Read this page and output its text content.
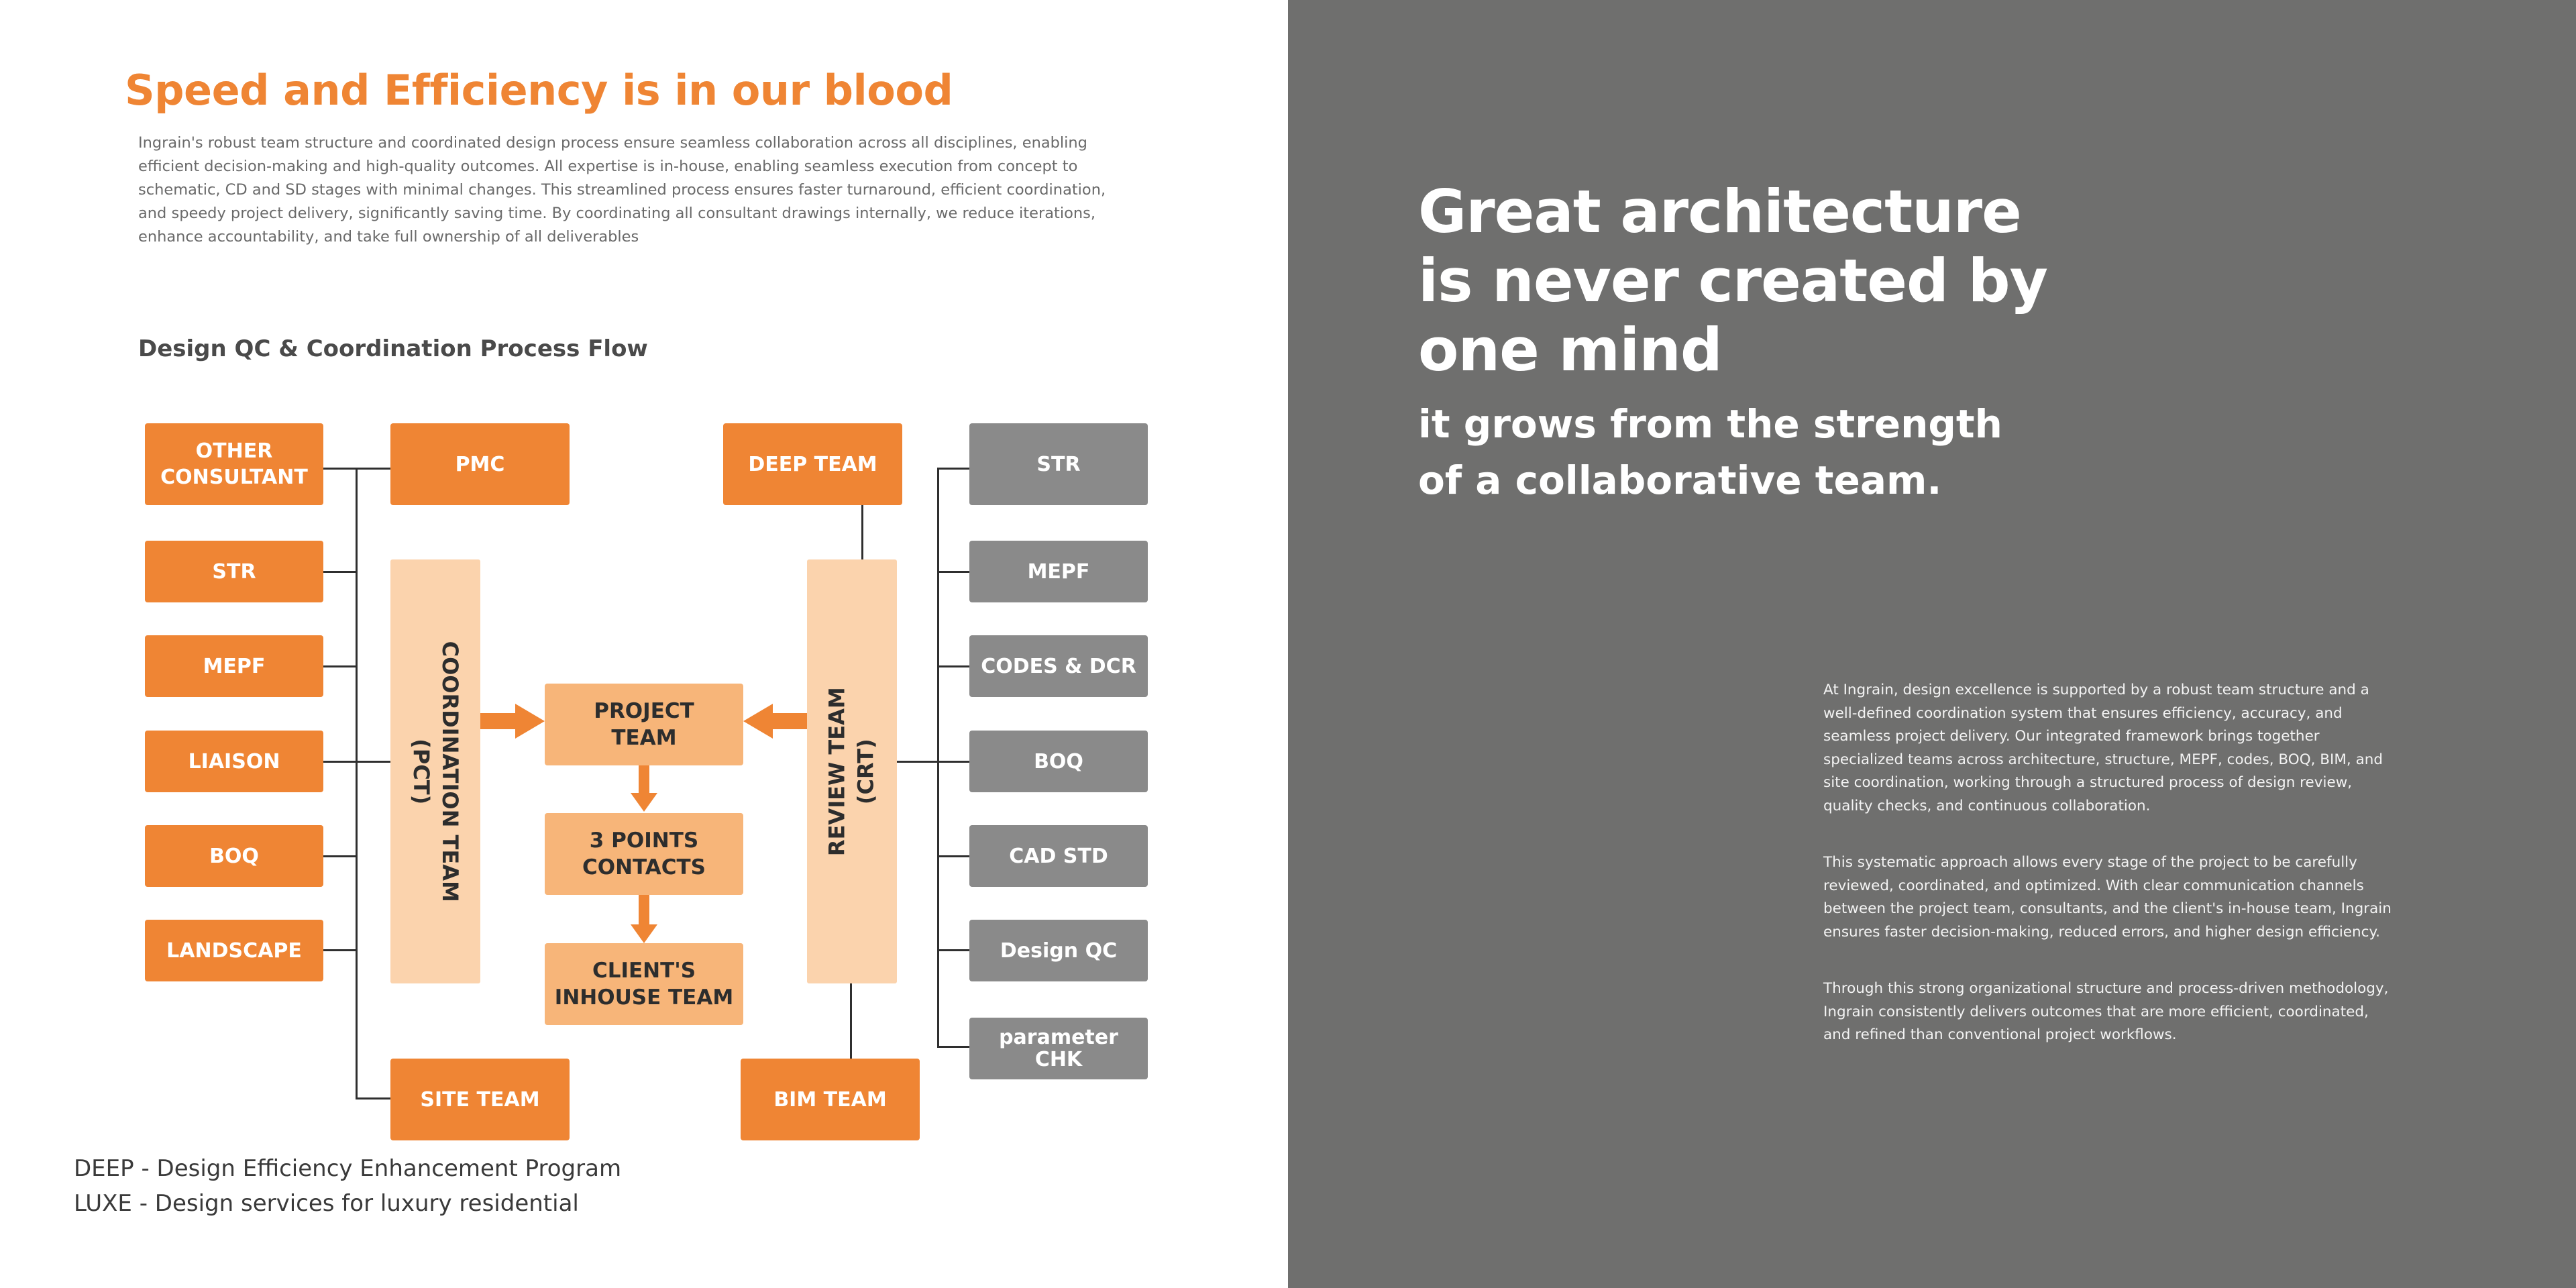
Speed and Efficiency is in our blood

Ingrain's robust team structure and coordinated design process ensure seamless collaboration across all disciplines, enabling efficient decision-making and high-quality outcomes. All expertise is in-house, enabling seamless execution from concept to schematic, CD and SD stages with minimal changes. This streamlined process ensures faster turnaround, efficient coordination, and speedy project delivery, significantly saving time. By coordinating all consultant drawings internally, we reduce iterations, enhance accountability, and take full ownership of all deliverables

Design QC & Coordination Process Flow
OTHER CONSULTANT
STR
MEPF
LIAISON
BOQ
LANDSCAPE
PMC
SITE TEAM
COORDINATION TEAM
(PCT)
PROJECT TEAM
3 POINTS CONTACTS
CLIENT'S INHOUSE TEAM
REVIEW TEAM (CRT)
DEEP TEAM
BIM TEAM
STR
MEPF
CODES & DCR
BOQ
CAD STD
Design QC
parameter CHK
DEEP - Design Efficiency Enhancement Program
LUXE - Design services for luxury residential
Great architecture
is never created by
one mind
it grows from the strength
of a collaborative team.

At Ingrain, design excellence is supported by a robust team structure and a well-defined coordination system that ensures efficiency, accuracy, and seamless project delivery. Our integrated framework brings together specialized teams across architecture, structure, MEPF, codes, BOQ, BIM, and site coordination, working through a structured process of design review, quality checks, and continuous collaboration.

This systematic approach allows every stage of the project to be carefully reviewed, coordinated, and optimized. With clear communication channels between the project team, consultants, and the client's in-house team, Ingrain ensures faster decision-making, reduced errors, and higher design efficiency.

Through this strong organizational structure and process-driven methodology, Ingrain consistently delivers outcomes that are more efficient, coordinated, and refined than conventional project workflows.
